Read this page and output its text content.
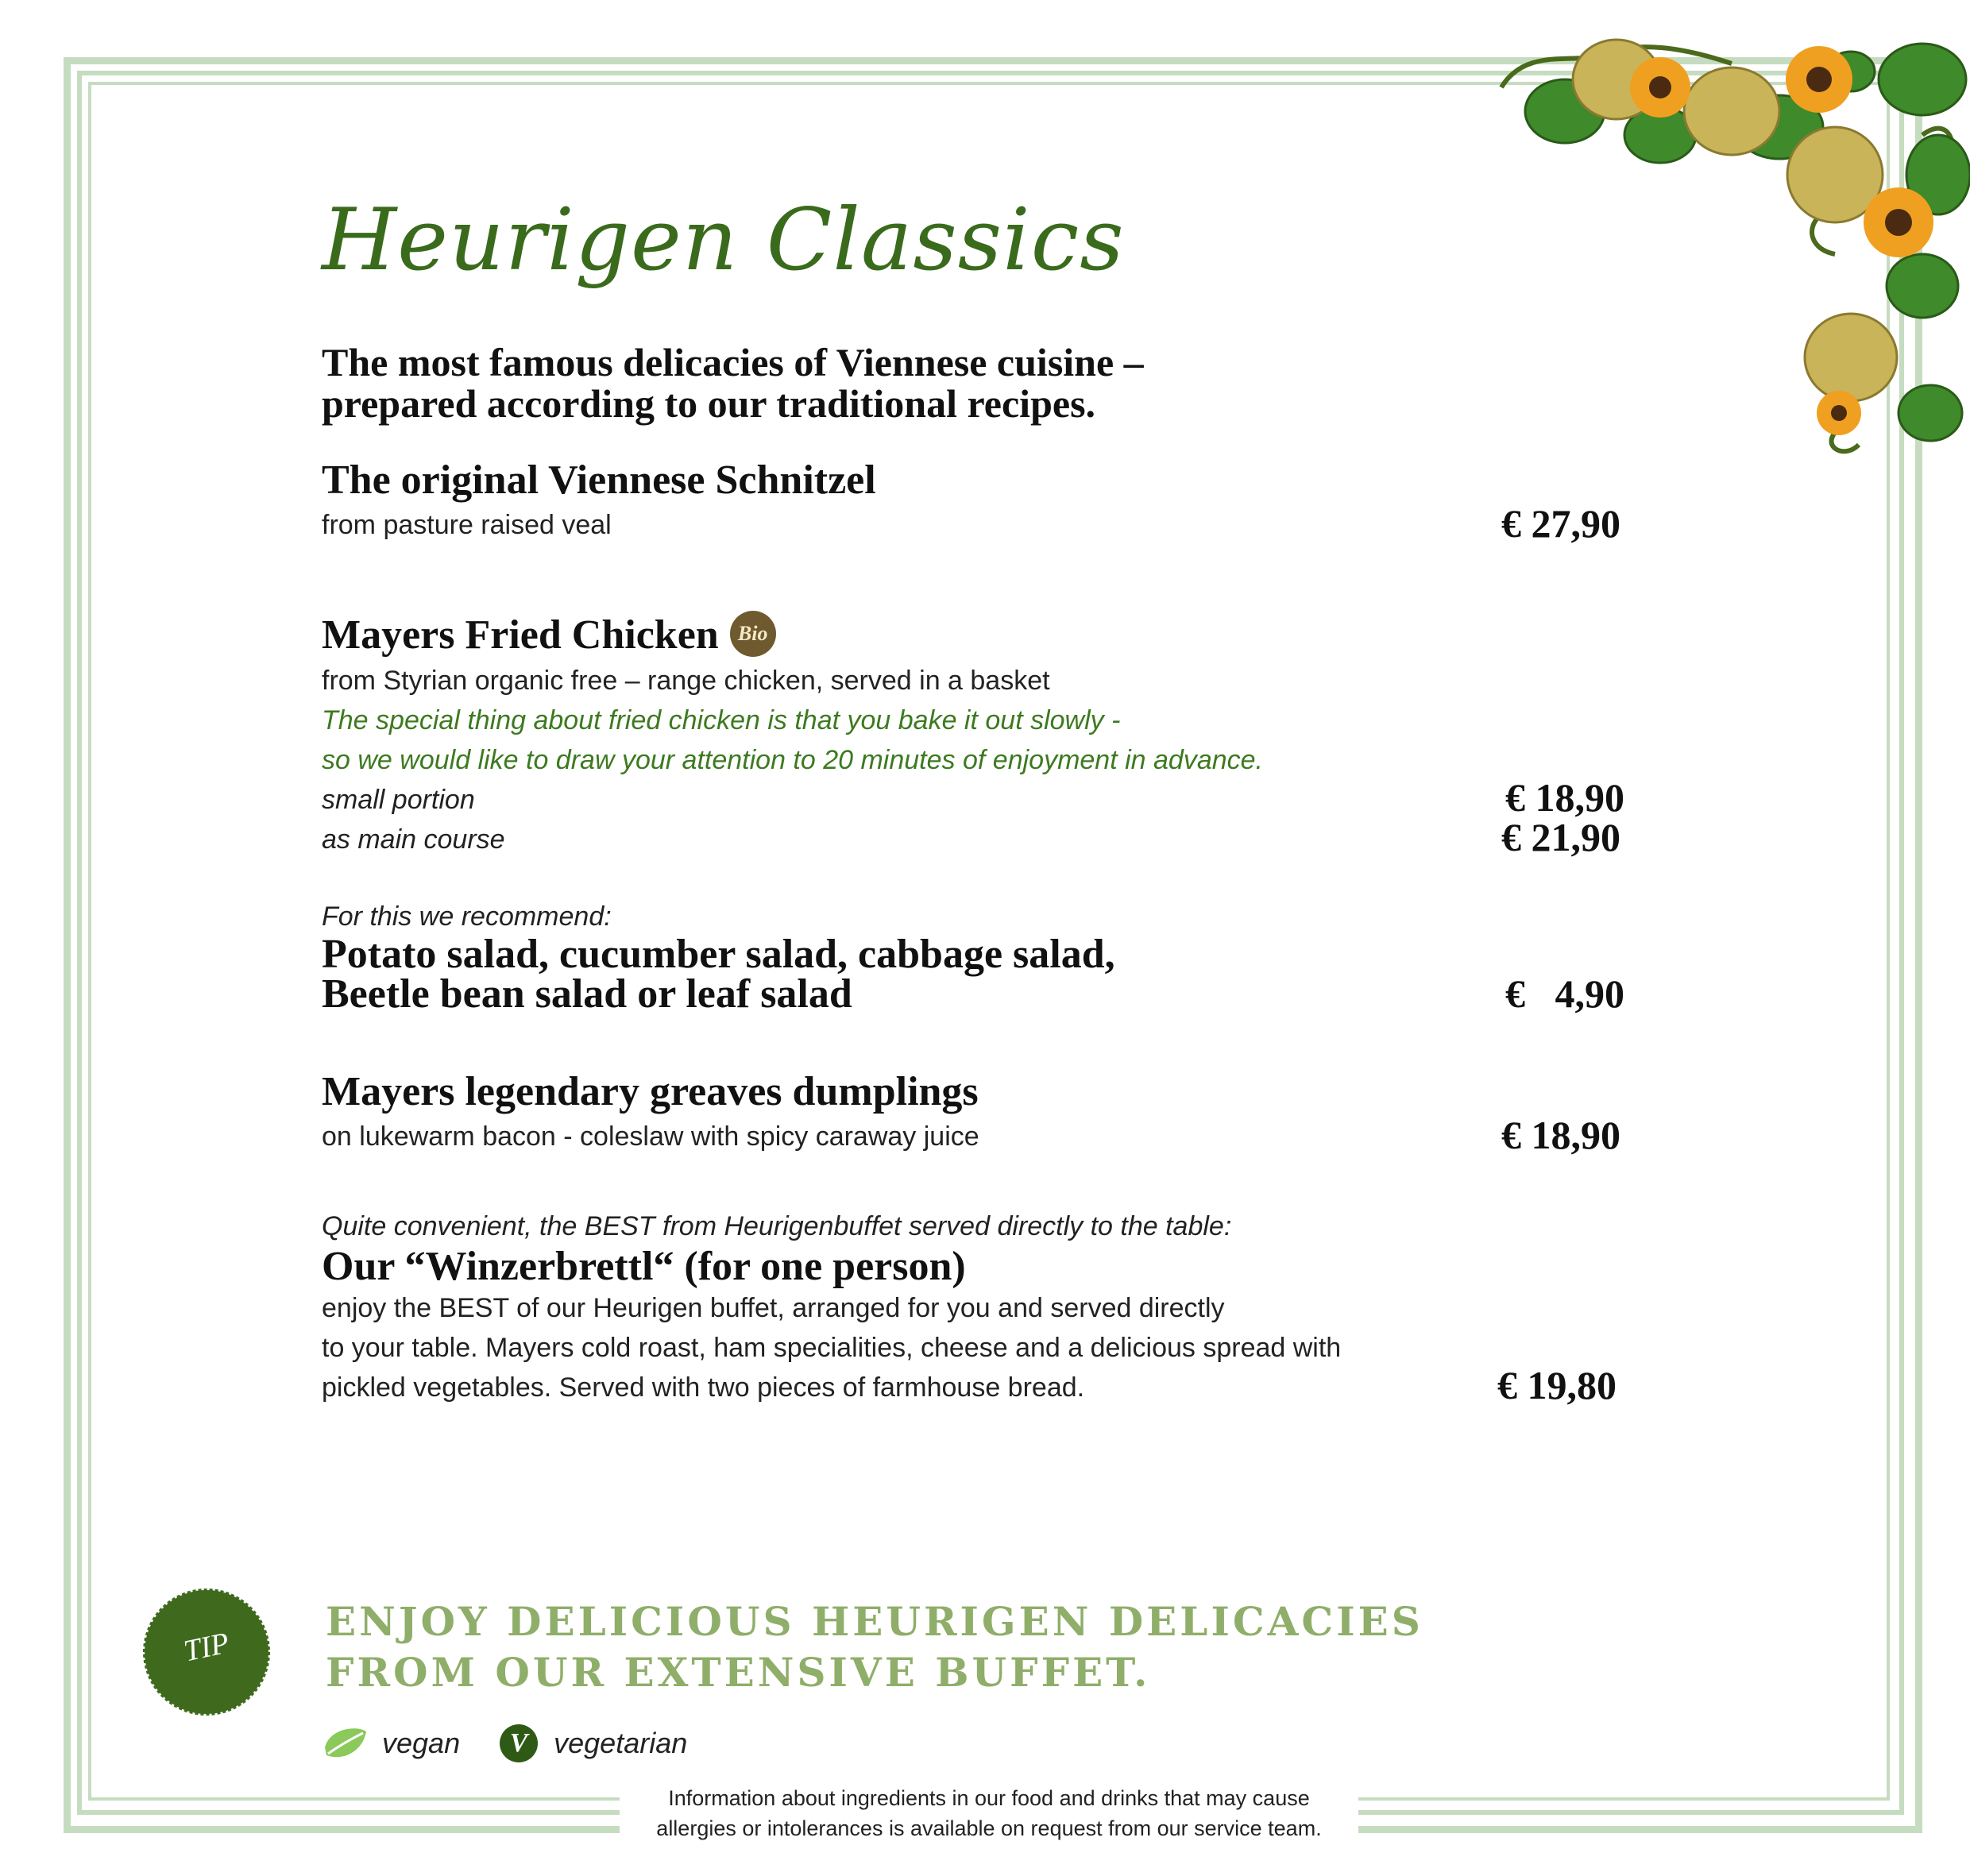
Heurigen Classics
The most famous delicacies of Viennese cuisine – prepared according to our traditional recipes.
The original Viennese Schnitzel
from pasture raised veal	€ 27,90
Mayers Fried Chicken Bio
from Styrian organic free – range chicken, served in a basket
The special thing about fried chicken is that you bake it out slowly -
so we would like to draw your attention to 20 minutes of enjoyment in advance.
small portion	€ 18,90
as main course	€ 21,90
For this we recommend:
Potato salad, cucumber salad, cabbage salad,
Beetle bean salad or leaf salad	€   4,90
Mayers legendary greaves dumplings
on lukewarm bacon - coleslaw with spicy caraway juice	€ 18,90
Quite convenient, the BEST from Heurigenbuffet served directly to the table:
Our “Winzerbrettl“ (for one person)
enjoy the BEST of our Heurigen buffet, arranged for you and served directly
to your table. Mayers cold roast, ham specialities, cheese and a delicious spread with
pickled vegetables. Served with two pieces of farmhouse bread.	€ 19,80
TIP
ENJOY DELICIOUS HEURIGEN DELICACIES
FROM OUR EXTENSIVE BUFFET.
vegan V vegetarian
Information about ingredients in our food and drinks that may cause
allergies or intolerances is available on request from our service team.
